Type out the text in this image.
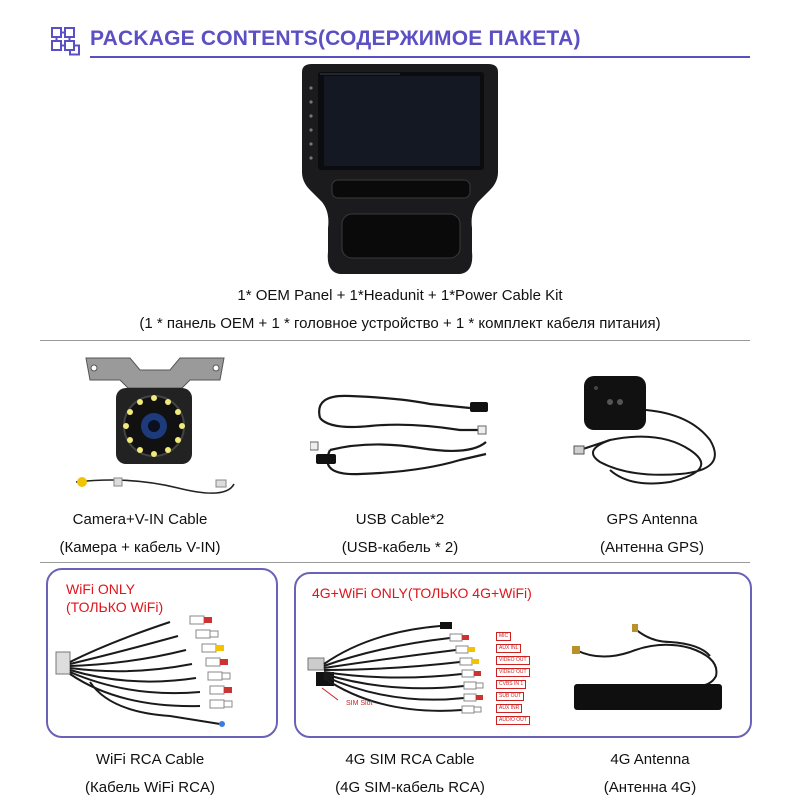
PACKAGE CONTENTS(СОДЕРЖИМОЕ ПАКЕТА)
1* OEM Panel + 1*Headunit + 1*Power Cable Kit
(1 * панель OEM + 1 * головное устройство + 1 * комплект кабеля питания)
Camera+V-IN Cable
(Камера + кабель V-IN)
USB Cable*2
(USB-кабель * 2)
GPS Antenna
(Антенна GPS)
WiFi ONLY
(ТОЛЬКО WiFi)
WiFi RCA Cable
(Кабель WiFi RCA)
4G+WiFi ONLY(ТОЛЬКО 4G+WiFi)
SIM Slot
MIC
AUX INL
VIDEO OUT
VIDEO OUT
CVBS IN 1
SUB OUT
AUX INR
AUDIO OUT
4G SIM RCA Cable
(4G SIM-кабель RCA)
4G Antenna
(Антенна 4G)
